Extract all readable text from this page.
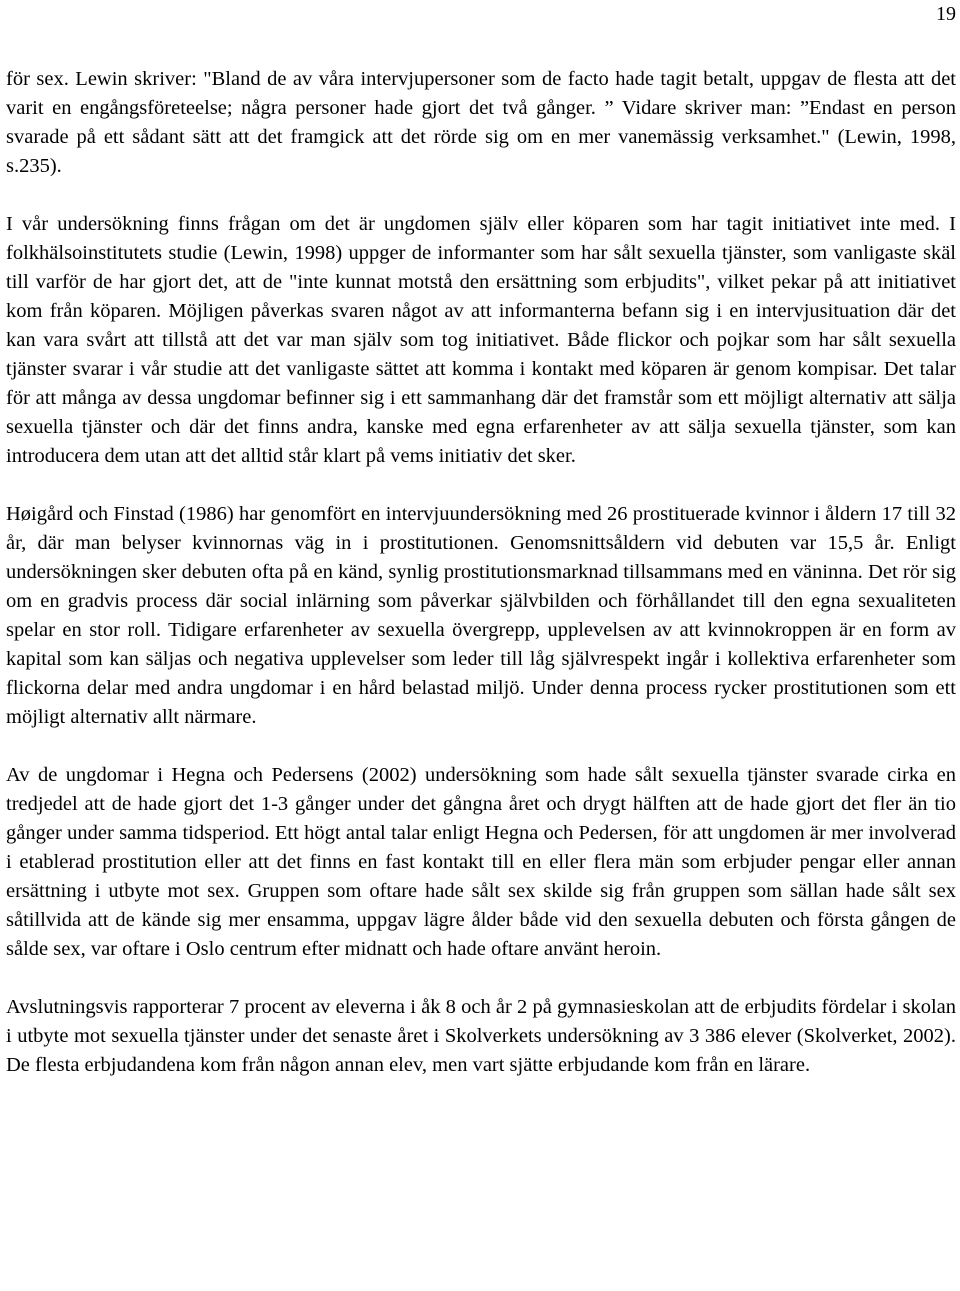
19

för sex. Lewin skriver: "Bland de av våra intervjupersoner som de facto hade tagit betalt, uppgav de flesta att det varit en engångsföreteelse; några personer hade gjort det två gånger. ” Vidare skriver man: ”Endast en person svarade på ett sådant sätt att det framgick att det rörde sig om en mer vanemässig verksamhet." (Lewin, 1998, s.235).

I vår undersökning finns frågan om det är ungdomen själv eller köparen som har tagit initiativet inte med. I folkhälsoinstitutets studie (Lewin, 1998) uppger de informanter som har sålt sexuella tjänster, som vanligaste skäl till varför de har gjort det, att de "inte kunnat motstå den ersättning som erbjudits", vilket pekar på att initiativet kom från köparen. Möjligen påverkas svaren något av att informanterna befann sig i en intervjusituation där det kan vara svårt att tillstå att det var man själv som tog initiativet. Både flickor och pojkar som har sålt sexuella tjänster svarar i vår studie att det vanligaste sättet att komma i kontakt med köparen är genom kompisar. Det talar för att många av dessa ungdomar befinner sig i ett sammanhang där det framstår som ett möjligt alternativ att sälja sexuella tjänster och där det finns andra, kanske med egna erfarenheter av att sälja sexuella tjänster, som kan introducera dem utan att det alltid står klart på vems initiativ det sker.

Høigård och Finstad (1986) har genomfört en intervjuundersökning med 26 prostituerade kvinnor i åldern 17 till 32 år, där man belyser kvinnornas väg in i prostitutionen. Genomsnittsåldern vid debuten var 15,5 år. Enligt undersökningen sker debuten ofta på en känd, synlig prostitutionsmarknad tillsammans med en väninna. Det rör sig om en gradvis process där social inlärning som påverkar självbilden och förhållandet till den egna sexualiteten spelar en stor roll. Tidigare erfarenheter av sexuella övergrepp, upplevelsen av att kvinnokroppen är en form av kapital som kan säljas och negativa upplevelser som leder till låg självrespekt ingår i kollektiva erfarenheter som flickorna delar med andra ungdomar i en hård belastad miljö. Under denna process rycker prostitutionen som ett möjligt alternativ allt närmare.

Av de ungdomar i Hegna och Pedersens (2002) undersökning som hade sålt sexuella tjänster svarade cirka en tredjedel att de hade gjort det 1-3 gånger under det gångna året och drygt hälften att de hade gjort det fler än tio gånger under samma tidsperiod. Ett högt antal talar enligt Hegna och Pedersen, för att ungdomen är mer involverad i etablerad prostitution eller att det finns en fast kontakt till en eller flera män som erbjuder pengar eller annan ersättning i utbyte mot sex. Gruppen som oftare hade sålt sex skilde sig från gruppen som sällan hade sålt sex såtillvida att de kände sig mer ensamma, uppgav lägre ålder både vid den sexuella debuten och första gången de sålde sex, var oftare i Oslo centrum efter midnatt och hade oftare använt heroin.

Avslutningsvis rapporterar 7 procent av eleverna i åk 8 och år 2 på gymnasieskolan att de erbjudits fördelar i skolan i utbyte mot sexuella tjänster under det senaste året i Skolverkets undersökning av 3 386 elever (Skolverket, 2002). De flesta erbjudandena kom från någon annan elev, men vart sjätte erbjudande kom från en lärare.
